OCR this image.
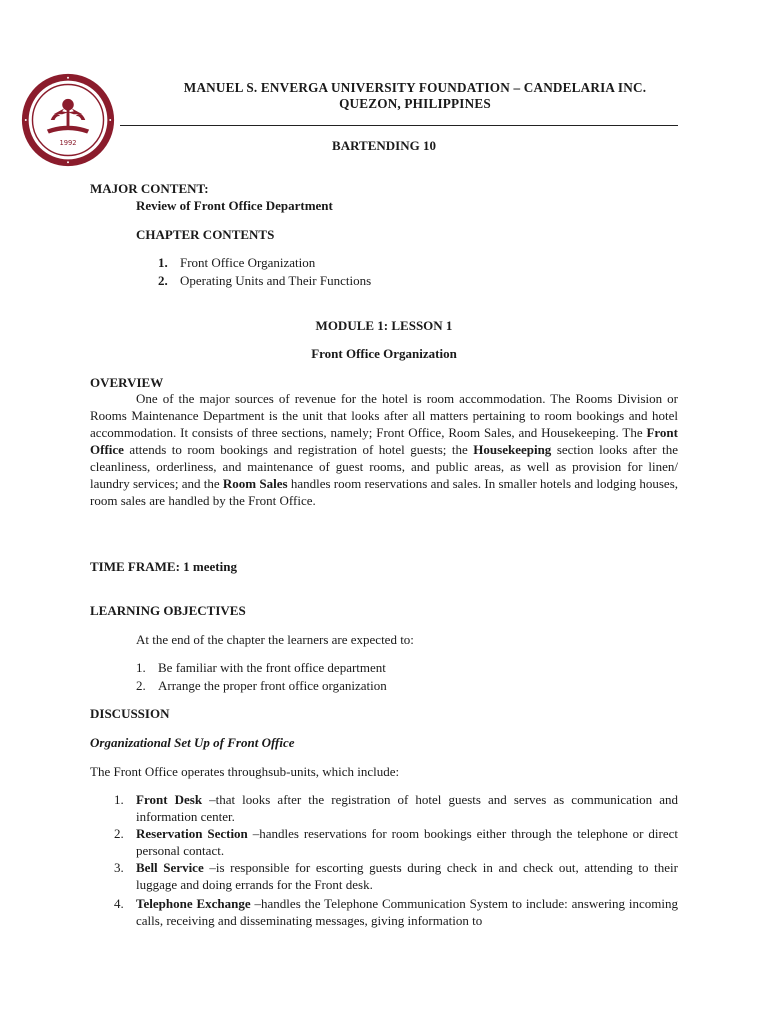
1992
MANUEL S. ENVERGA UNIVERSITY FOUNDATION – CANDELARIA INC.
QUEZON, PHILIPPINES
BARTENDING 10
MAJOR CONTENT:
Review of Front Office Department
CHAPTER CONTENTS
1. Front Office Organization
2. Operating Units and Their Functions
MODULE 1: LESSON 1
Front Office Organization
OVERVIEW
One of the major sources of revenue for the hotel is room accommodation. The Rooms Division or Rooms Maintenance Department is the unit that looks after all matters pertaining to room bookings and hotel accommodation. It consists of three sections, namely; Front Office, Room Sales, and Housekeeping. The Front Office attends to room bookings and registration of hotel guests; the Housekeeping section looks after the cleanliness, orderliness, and maintenance of guest rooms, and public areas, as well as provision for linen/ laundry services; and the Room Sales handles room reservations and sales. In smaller hotels and lodging houses, room sales are handled by the Front Office.
TIME FRAME: 1 meeting
LEARNING OBJECTIVES
At the end of the chapter the learners are expected to:
1. Be familiar with the front office department
2. Arrange the proper front office organization
DISCUSSION
Organizational Set Up of Front Office
The Front Office operates throughsub-units, which include:
1. Front Desk –that looks after the registration of hotel guests and serves as communication and information center.
2. Reservation Section –handles reservations for room bookings either through the telephone or direct personal contact.
3. Bell Service –is responsible for escorting guests during check in and check out, attending to their luggage and doing errands for the Front desk.
4. Telephone Exchange –handles the Telephone Communication System to include: answering incoming calls, receiving and disseminating messages, giving information to
